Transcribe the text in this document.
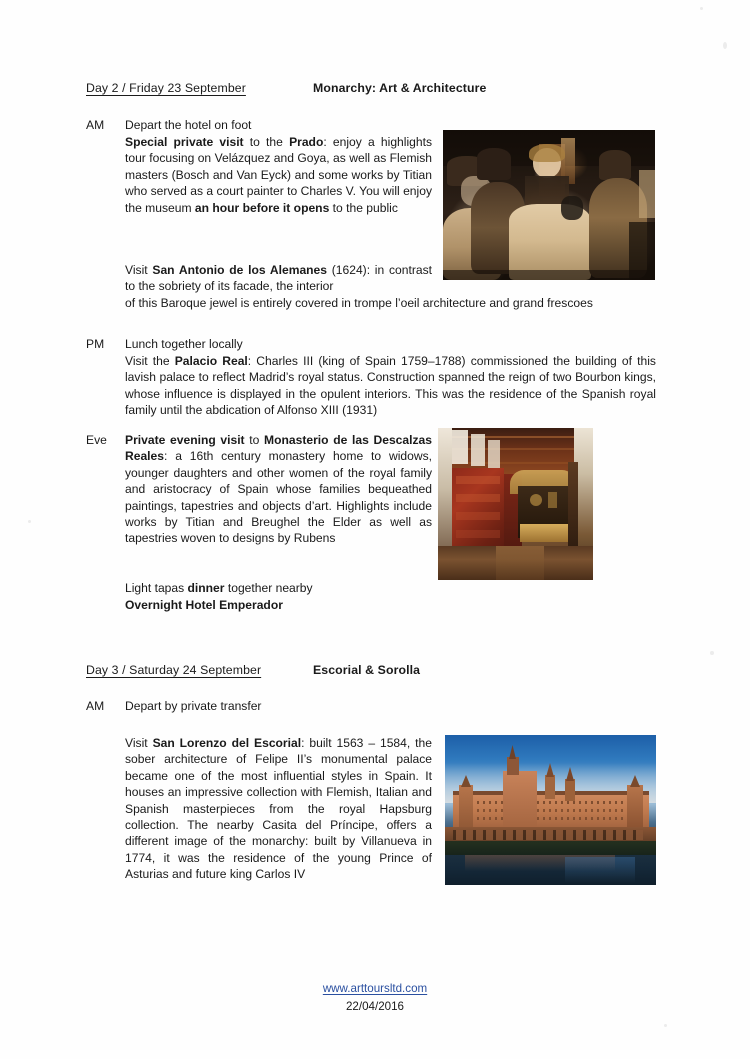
Day 2 / Friday 23 September	Monarchy: Art & Architecture
AM Depart the hotel on foot
Special private visit to the Prado: enjoy a highlights tour focusing on Velázquez and Goya, as well as Flemish masters (Bosch and Van Eyck) and some works by Titian who served as a court painter to Charles V. You will enjoy the museum an hour before it opens to the public
Visit San Antonio de los Alemanes (1624): in contrast to the sobriety of its facade, the interior
of this Baroque jewel is entirely covered in trompe l’oeil architecture and grand frescoes
PM Lunch together locally
Visit the Palacio Real: Charles III (king of Spain 1759–1788) commissioned the building of this lavish palace to reflect Madrid’s royal status. Construction spanned the reign of two Bourbon kings, whose influence is displayed in the opulent interiors. This was the residence of the Spanish royal family until the abdication of Alfonso XIII (1931)
Eve Private evening visit to Monasterio de las Descalzas Reales: a 16th century monastery home to widows, younger daughters and other women of the royal family and aristocracy of Spain whose families bequeathed paintings, tapestries and objects d’art. Highlights include works by Titian and Breughel the Elder as well as tapestries woven to designs by Rubens
Light tapas dinner together nearby
Overnight Hotel Emperador
Day 3 / Saturday 24 September	Escorial & Sorolla
AM Depart by private transfer
Visit San Lorenzo del Escorial: built 1563 – 1584, the sober architecture of Felipe II’s monumental palace became one of the most influential styles in Spain. It houses an impressive collection with Flemish, Italian and Spanish masterpieces from the royal Hapsburg collection. The nearby Casita del Príncipe, offers a different image of the monarchy: built by Villanueva in 1774, it was the residence of the young Prince of Asturias and future king Carlos IV
www.arttoursltd.com
22/04/2016
